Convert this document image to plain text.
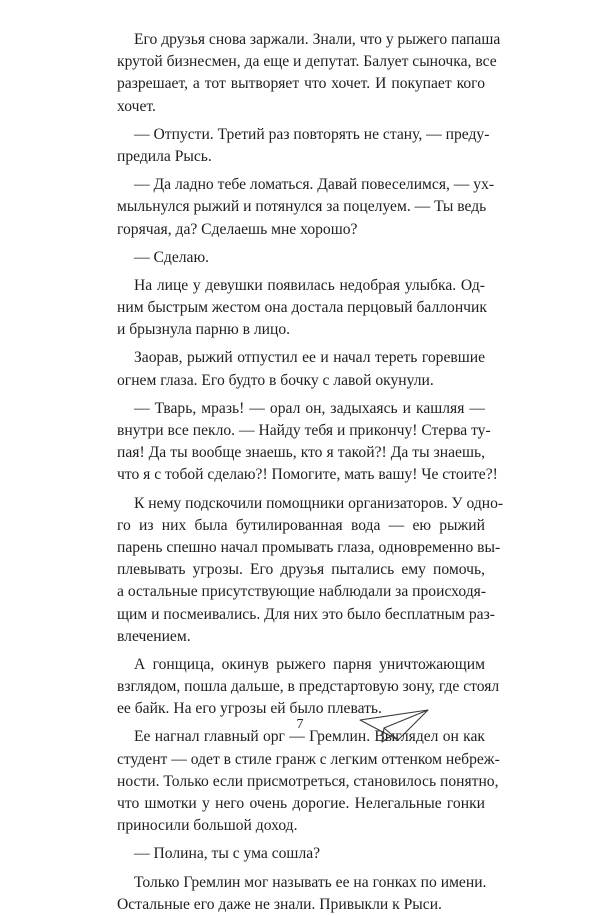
Его друзья снова заржали. Знали, что у рыжего папаша
крутой бизнесмен, да еще и депутат. Балует сыночка, все
разрешает, а тот вытворяет что хочет. И покупает кого
хочет.
— Отпусти. Третий раз повторять не стану, — преду-
предила Рысь.
— Да ладно тебе ломаться. Давай повеселимся, — ух-
мыльнулся рыжий и потянулся за поцелуем. — Ты ведь
горячая, да? Сделаешь мне хорошо?
— Сделаю.
На лице у девушки появилась недобрая улыбка. Од-
ним быстрым жестом она достала перцовый баллончик
и брызнула парню в лицо.
Заорав, рыжий отпустил ее и начал тереть горевшие
огнем глаза. Его будто в бочку с лавой окунули.
— Тварь, мразь! — орал он, задыхаясь и кашляя —
внутри все пекло. — Найду тебя и прикончу! Стерва ту-
пая! Да ты вообще знаешь, кто я такой?! Да ты знаешь,
что я с тобой сделаю?! Помогите, мать вашу! Че стоите?!
К нему подскочили помощники организаторов. У одно-
го из них была бутилированная вода — ею рыжий
парень спешно начал промывать глаза, одновременно вы-
плевывать угрозы. Его друзья пытались ему помочь,
а остальные присутствующие наблюдали за происходя-
щим и посмеивались. Для них это было бесплатным раз-
влечением.
А гонщица, окинув рыжего парня уничтожающим
взглядом, пошла дальше, в предстартовую зону, где стоял
ее байк. На его угрозы ей было плевать.
Ее нагнал главный орг — Гремлин. Выглядел он как
студент — одет в стиле гранж с легким оттенком небреж-
ности. Только если присмотреться, становилось понятно,
что шмотки у него очень дорогие. Нелегальные гонки
приносили большой доход.
— Полина, ты с ума сошла?
Только Гремлин мог называть ее на гонках по имени.
Остальные его даже не знали. Привыкли к Рыси.
7
